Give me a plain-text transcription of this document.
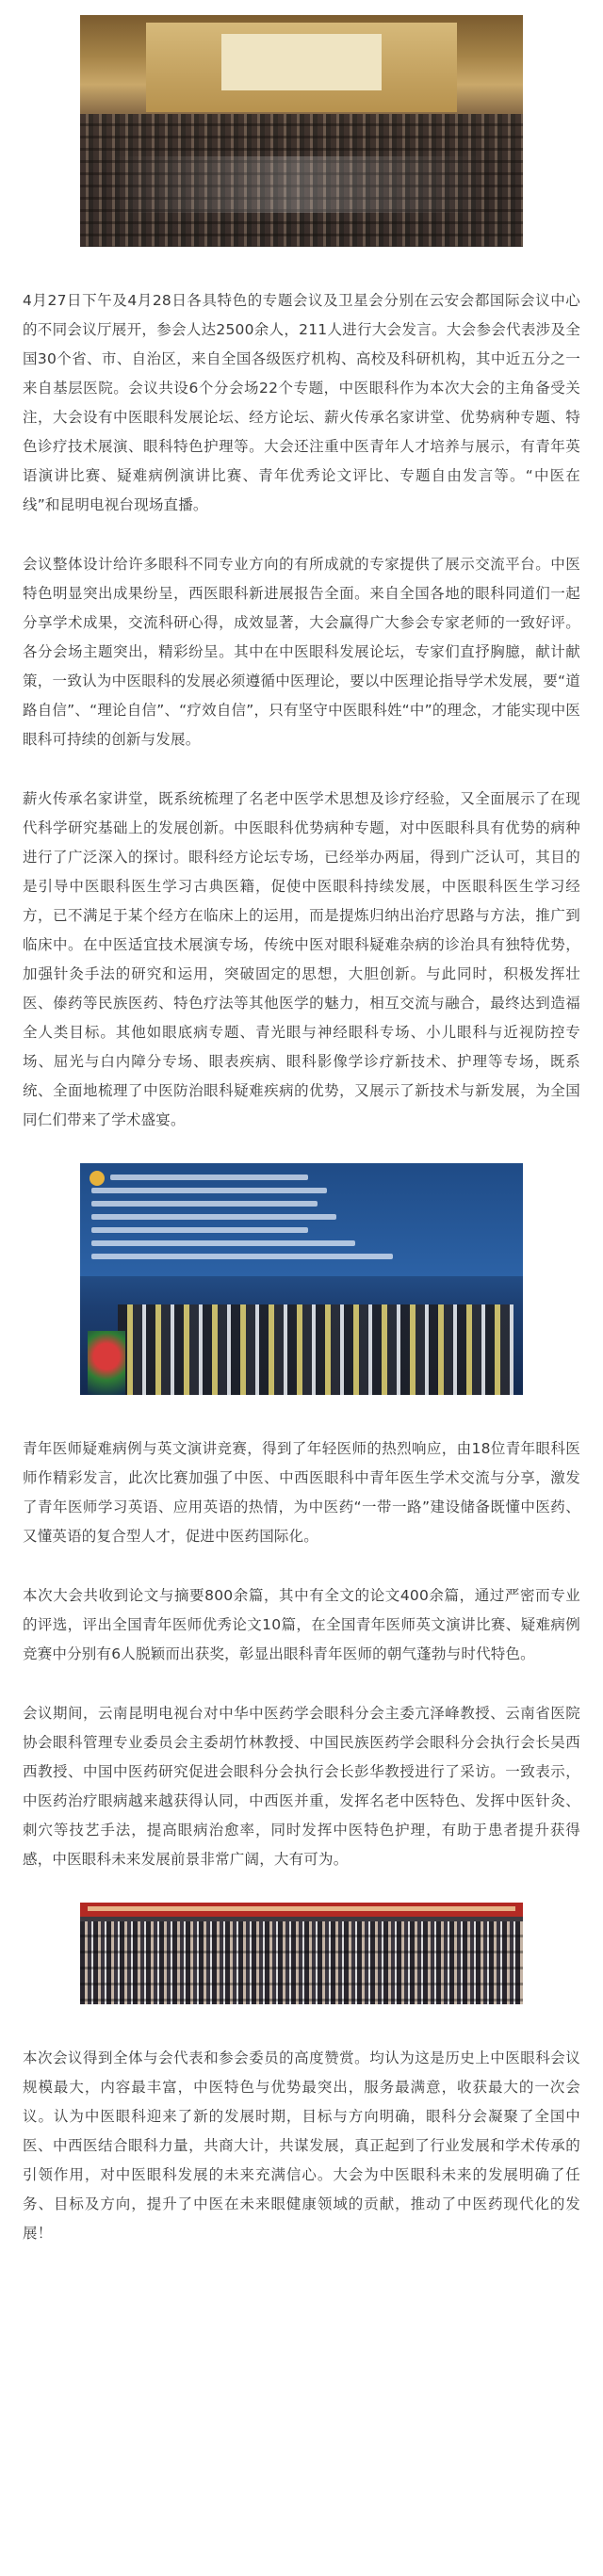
4月27日下午及4月28日各具特色的专题会议及卫星会分别在云安会都国际会议中心的不同会议厅展开，参会人达2500余人，211人进行大会发言。大会参会代表涉及全国30个省、市、自治区，来自全国各级医疗机构、高校及科研机构，其中近五分之一来自基层医院。会议共设6个分会场22个专题，中医眼科作为本次大会的主角备受关注，大会设有中医眼科发展论坛、经方论坛、薪火传承名家讲堂、优势病种专题、特色诊疗技术展演、眼科特色护理等。大会还注重中医青年人才培养与展示，有青年英语演讲比赛、疑难病例演讲比赛、青年优秀论文评比、专题自由发言等。“中医在线”和昆明电视台现场直播。

会议整体设计给许多眼科不同专业方向的有所成就的专家提供了展示交流平台。中医特色明显突出成果纷呈，西医眼科新进展报告全面。来自全国各地的眼科同道们一起分享学术成果，交流科研心得，成效显著，大会赢得广大参会专家老师的一致好评。各分会场主题突出，精彩纷呈。其中在中医眼科发展论坛，专家们直抒胸臆，献计献策，一致认为中医眼科的发展必须遵循中医理论，要以中医理论指导学术发展，要“道路自信”、“理论自信”、“疗效自信”，只有坚守中医眼科姓“中”的理念，才能实现中医眼科可持续的创新与发展。

薪火传承名家讲堂，既系统梳理了名老中医学术思想及诊疗经验，又全面展示了在现代科学研究基础上的发展创新。中医眼科优势病种专题，对中医眼科具有优势的病种进行了广泛深入的探讨。眼科经方论坛专场，已经举办两届，得到广泛认可，其目的是引导中医眼科医生学习古典医籍，促使中医眼科持续发展，中医眼科医生学习经方，已不满足于某个经方在临床上的运用，而是提炼归纳出治疗思路与方法，推广到临床中。在中医适宜技术展演专场，传统中医对眼科疑难杂病的诊治具有独特优势，加强针灸手法的研究和运用，突破固定的思想，大胆创新。与此同时，积极发挥壮医、傣药等民族医药、特色疗法等其他医学的魅力，相互交流与融合，最终达到造福全人类目标。其他如眼底病专题、青光眼与神经眼科专场、小儿眼科与近视防控专场、屈光与白内障分专场、眼表疾病、眼科影像学诊疗新技术、护理等专场，既系统、全面地梳理了中医防治眼科疑难疾病的优势，又展示了新技术与新发展，为全国同仁们带来了学术盛宴。

青年医师疑难病例与英文演讲竞赛，得到了年轻医师的热烈响应，由18位青年眼科医师作精彩发言，此次比赛加强了中医、中西医眼科中青年医生学术交流与分享，激发了青年医师学习英语、应用英语的热情，为中医药“一带一路”建设储备既懂中医药、又懂英语的复合型人才，促进中医药国际化。

本次大会共收到论文与摘要800余篇，其中有全文的论文400余篇，通过严密而专业的评选，评出全国青年医师优秀论文10篇，在全国青年医师英文演讲比赛、疑难病例竞赛中分别有6人脱颖而出获奖，彰显出眼科青年医师的朝气蓬勃与时代特色。

会议期间，云南昆明电视台对中华中医药学会眼科分会主委亢泽峰教授、云南省医院协会眼科管理专业委员会主委胡竹林教授、中国民族医药学会眼科分会执行会长吴西西教授、中国中医药研究促进会眼科分会执行会长彭华教授进行了采访。一致表示，中医药治疗眼病越来越获得认同，中西医并重，发挥名老中医特色、发挥中医针灸、刺穴等技艺手法，提高眼病治愈率，同时发挥中医特色护理，有助于患者提升获得感，中医眼科未来发展前景非常广阔，大有可为。

本次会议得到全体与会代表和参会委员的高度赞赏。均认为这是历史上中医眼科会议规模最大，内容最丰富，中医特色与优势最突出，服务最满意，收获最大的一次会议。认为中医眼科迎来了新的发展时期，目标与方向明确，眼科分会凝聚了全国中医、中西医结合眼科力量，共商大计，共谋发展，真正起到了行业发展和学术传承的引领作用，对中医眼科发展的未来充满信心。大会为中医眼科未来的发展明确了任务、目标及方向，提升了中医在未来眼健康领域的贡献，推动了中医药现代化的发展！
